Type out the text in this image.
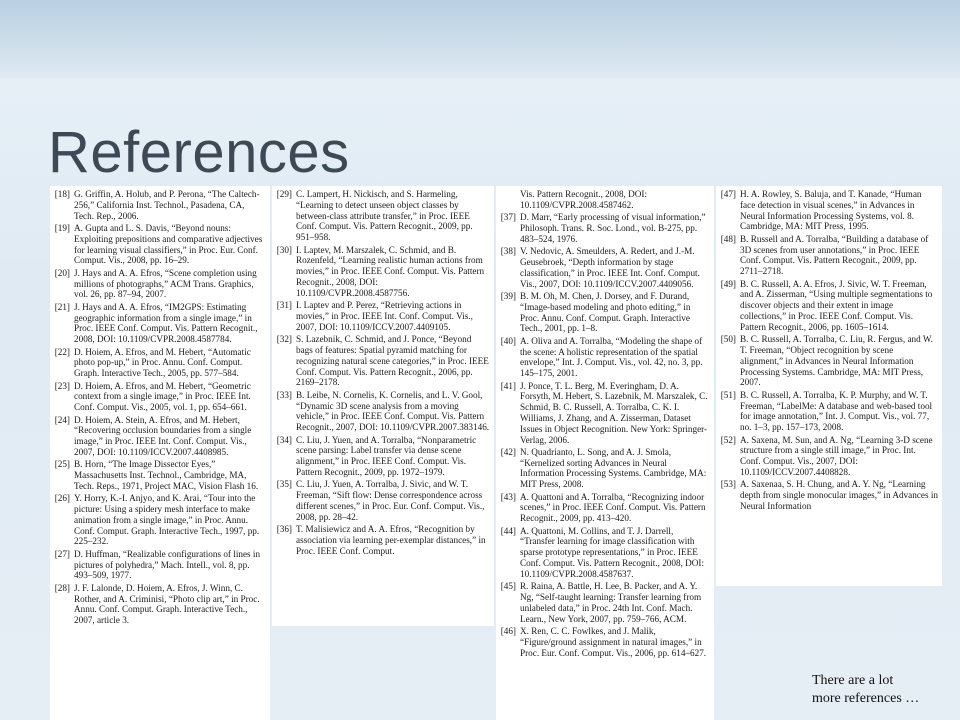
References
[18] G. Griffin, A. Holub, and P. Perona, “The Caltech-256,” California Inst. Technol., Pasadena, CA, Tech. Rep., 2006.
[19] A. Gupta and L. S. Davis, “Beyond nouns: Exploiting prepositions and comparative adjectives for learning visual classifiers,” in Proc. Eur. Conf. Comput. Vis., 2008, pp. 16–29.
[20] J. Hays and A. A. Efros, “Scene completion using millions of photographs,” ACM Trans. Graphics, vol. 26, pp. 87–94, 2007.
[21] J. Hays and A. A. Efros, “IM2GPS: Estimating geographic information from a single image,” in Proc. IEEE Conf. Comput. Vis. Pattern Recognit., 2008, DOI: 10.1109/CVPR.2008.4587784.
[22] D. Hoiem, A. Efros, and M. Hebert, “Automatic photo pop-up,” in Proc. Annu. Conf. Comput. Graph. Interactive Tech., 2005, pp. 577–584.
[23] D. Hoiem, A. Efros, and M. Hebert, “Geometric context from a single image,” in Proc. IEEE Int. Conf. Comput. Vis., 2005, vol. 1, pp. 654–661.
[24] D. Hoiem, A. Stein, A. Efros, and M. Hebert, “Recovering occlusion boundaries from a single image,” in Proc. IEEE Int. Conf. Comput. Vis., 2007, DOI: 10.1109/ICCV.2007.4408985.
[25] B. Horn, “The Image Dissector Eyes,” Massachusetts Inst. Technol., Cambridge, MA, Tech. Reps., 1971, Project MAC, Vision Flash 16.
[26] Y. Horry, K.-I. Anjyo, and K. Arai, “Tour into the picture: Using a spidery mesh interface to make animation from a single image,” in Proc. Annu. Conf. Comput. Graph. Interactive Tech., 1997, pp. 225–232.
[27] D. Huffman, “Realizable configurations of lines in pictures of polyhedra,” Mach. Intell., vol. 8, pp. 493–509, 1977.
[28] J. F. Lalonde, D. Hoiem, A. Efros, J. Winn, C. Rother, and A. Criminisi, “Photo clip art,” in Proc. Annu. Conf. Comput. Graph. Interactive Tech., 2007, article 3.
[29] C. Lampert, H. Nickisch, and S. Harmeling, “Learning to detect unseen object classes by between-class attribute transfer,” in Proc. IEEE Conf. Comput. Vis. Pattern Recognit., 2009, pp. 951–958.
[30] I. Laptev, M. Marszalek, C. Schmid, and B. Rozenfeld, “Learning realistic human actions from movies,” in Proc. IEEE Conf. Comput. Vis. Pattern Recognit., 2008, DOI: 10.1109/CVPR.2008.4587756.
[31] I. Laptev and P. Perez, “Retrieving actions in movies,” in Proc. IEEE Int. Conf. Comput. Vis., 2007, DOI: 10.1109/ICCV.2007.4409105.
[32] S. Lazebnik, C. Schmid, and J. Ponce, “Beyond bags of features: Spatial pyramid matching for recognizing natural scene categories,” in Proc. IEEE Conf. Comput. Vis. Pattern Recognit., 2006, pp. 2169–2178.
[33] B. Leibe, N. Cornelis, K. Cornelis, and L. V. Gool, “Dynamic 3D scene analysis from a moving vehicle,” in Proc. IEEE Conf. Comput. Vis. Pattern Recognit., 2007, DOI: 10.1109/CVPR.2007.383146.
[34] C. Liu, J. Yuen, and A. Torralba, “Nonparametric scene parsing: Label transfer via dense scene alignment,” in Proc. IEEE Conf. Comput. Vis. Pattern Recognit., 2009, pp. 1972–1979.
[35] C. Liu, J. Yuen, A. Torralba, J. Sivic, and W. T. Freeman, “Sift flow: Dense correspondence across different scenes,” in Proc. Eur. Conf. Comput. Vis., 2008, pp. 28–42.
[36] T. Malisiewicz and A. A. Efros, “Recognition by association via learning per-exemplar distances,” in Proc. IEEE Conf. Comput.
Vis. Pattern Recognit., 2008, DOI: 10.1109/CVPR.2008.4587462.
[37] D. Marr, “Early processing of visual information,” Philosoph. Trans. R. Soc. Lond., vol. B-275, pp. 483–524, 1976.
[38] V. Nedovic, A. Smeulders, A. Redert, and J.-M. Geusebroek, “Depth information by stage classification,” in Proc. IEEE Int. Conf. Comput. Vis., 2007, DOI: 10.1109/ICCV.2007.4409056.
[39] B. M. Oh, M. Chen, J. Dorsey, and F. Durand, “Image-based modeling and photo editing,” in Proc. Annu. Conf. Comput. Graph. Interactive Tech., 2001, pp. 1–8.
[40] A. Oliva and A. Torralba, “Modeling the shape of the scene: A holistic representation of the spatial envelope,” Int. J. Comput. Vis., vol. 42, no. 3, pp. 145–175, 2001.
[41] J. Ponce, T. L. Berg, M. Everingham, D. A. Forsyth, M. Hebert, S. Lazebnik, M. Marszalek, C. Schmid, B. C. Russell, A. Torralba, C. K. I. Williams, J. Zhang, and A. Zisserman, Dataset Issues in Object Recognition. New York: Springer-Verlag, 2006.
[42] N. Quadrianto, L. Song, and A. J. Smola, “Kernelized sorting Advances in Neural Information Processing Systems. Cambridge, MA: MIT Press, 2008.
[43] A. Quattoni and A. Torralba, “Recognizing indoor scenes,” in Proc. IEEE Conf. Comput. Vis. Pattern Recognit., 2009, pp. 413–420.
[44] A. Quattoni, M. Collins, and T. J. Darrell, “Transfer learning for image classification with sparse prototype representations,” in Proc. IEEE Conf. Comput. Vis. Pattern Recognit., 2008, DOI: 10.1109/CVPR.2008.4587637.
[45] R. Raina, A. Battle, H. Lee, B. Packer, and A. Y. Ng, “Self-taught learning: Transfer learning from unlabeled data,” in Proc. 24th Int. Conf. Mach. Learn., New York, 2007, pp. 759–766, ACM.
[46] X. Ren, C. C. Fowlkes, and J. Malik, “Figure/ground assignment in natural images,” in Proc. Eur. Conf. Comput. Vis., 2006, pp. 614–627.
[47] H. A. Rowley, S. Baluja, and T. Kanade, “Human face detection in visual scenes,” in Advances in Neural Information Processing Systems, vol. 8. Cambridge, MA: MIT Press, 1995.
[48] B. Russell and A. Torralba, “Building a database of 3D scenes from user annotations,” in Proc. IEEE Conf. Comput. Vis. Pattern Recognit., 2009, pp. 2711–2718.
[49] B. C. Russell, A. A. Efros, J. Sivic, W. T. Freeman, and A. Zisserman, “Using multiple segmentations to discover objects and their extent in image collections,” in Proc. IEEE Conf. Comput. Vis. Pattern Recognit., 2006, pp. 1605–1614.
[50] B. C. Russell, A. Torralba, C. Liu, R. Fergus, and W. T. Freeman, “Object recognition by scene alignment,” in Advances in Neural Information Processing Systems. Cambridge, MA: MIT Press, 2007.
[51] B. C. Russell, A. Torralba, K. P. Murphy, and W. T. Freeman, “LabelMe: A database and web-based tool for image annotation,” Int. J. Comput. Vis., vol. 77, no. 1–3, pp. 157–173, 2008.
[52] A. Saxena, M. Sun, and A. Ng, “Learning 3-D scene structure from a single still image,” in Proc. Int. Conf. Comput. Vis., 2007, DOI: 10.1109/ICCV.2007.4408828.
[53] A. Saxenaa, S. H. Chung, and A. Y. Ng, “Learning depth from single monocular images,” in Advances in Neural Information
There are a lot
more references …
